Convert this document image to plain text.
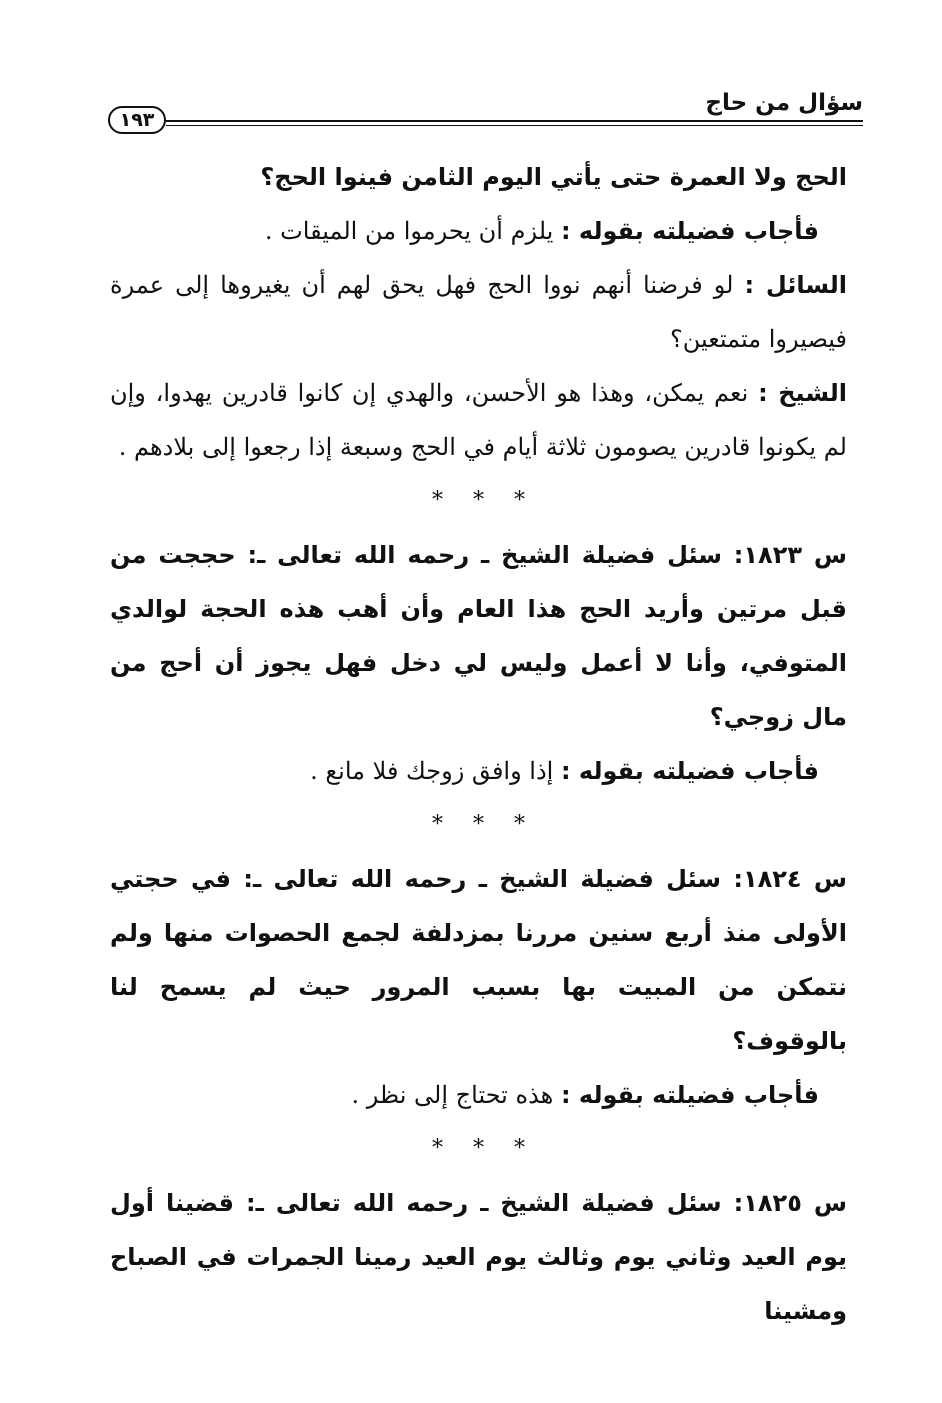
سؤال من حاج
١٩٣

الحج ولا العمرة حتى يأتي اليوم الثامن فينوا الحج؟

فأجاب فضيلته بقوله : يلزم أن يحرموا من الميقات .

السائل : لو فرضنا أنهم نووا الحج فهل يحق لهم أن يغيروها إلى عمرة فيصيروا متمتعين؟

الشيخ : نعم يمكن، وهذا هو الأحسن، والهدي إن كانوا قادرين يهدوا، وإن لم يكونوا قادرين يصومون ثلاثة أيام في الحج وسبعة إذا رجعوا إلى بلادهم .

***

س ١٨٢٣: سئل فضيلة الشيخ ـ رحمه الله تعالى ـ: حججت من قبل مرتين وأريد الحج هذا العام وأن أهب هذه الحجة لوالدي المتوفي، وأنا لا أعمل وليس لي دخل فهل يجوز أن أحج من مال زوجي؟

فأجاب فضيلته بقوله : إذا وافق زوجك فلا مانع .

***

س ١٨٢٤: سئل فضيلة الشيخ ـ رحمه الله تعالى ـ: في حجتي الأولى منذ أربع سنين مررنا بمزدلفة لجمع الحصوات منها ولم نتمكن من المبيت بها بسبب المرور حيث لم يسمح لنا بالوقوف؟

فأجاب فضيلته بقوله : هذه تحتاج إلى نظر .

***

س ١٨٢٥: سئل فضيلة الشيخ ـ رحمه الله تعالى ـ: قضينا أول يوم العيد وثاني يوم وثالث يوم العيد رمينا الجمرات في الصباح ومشينا
